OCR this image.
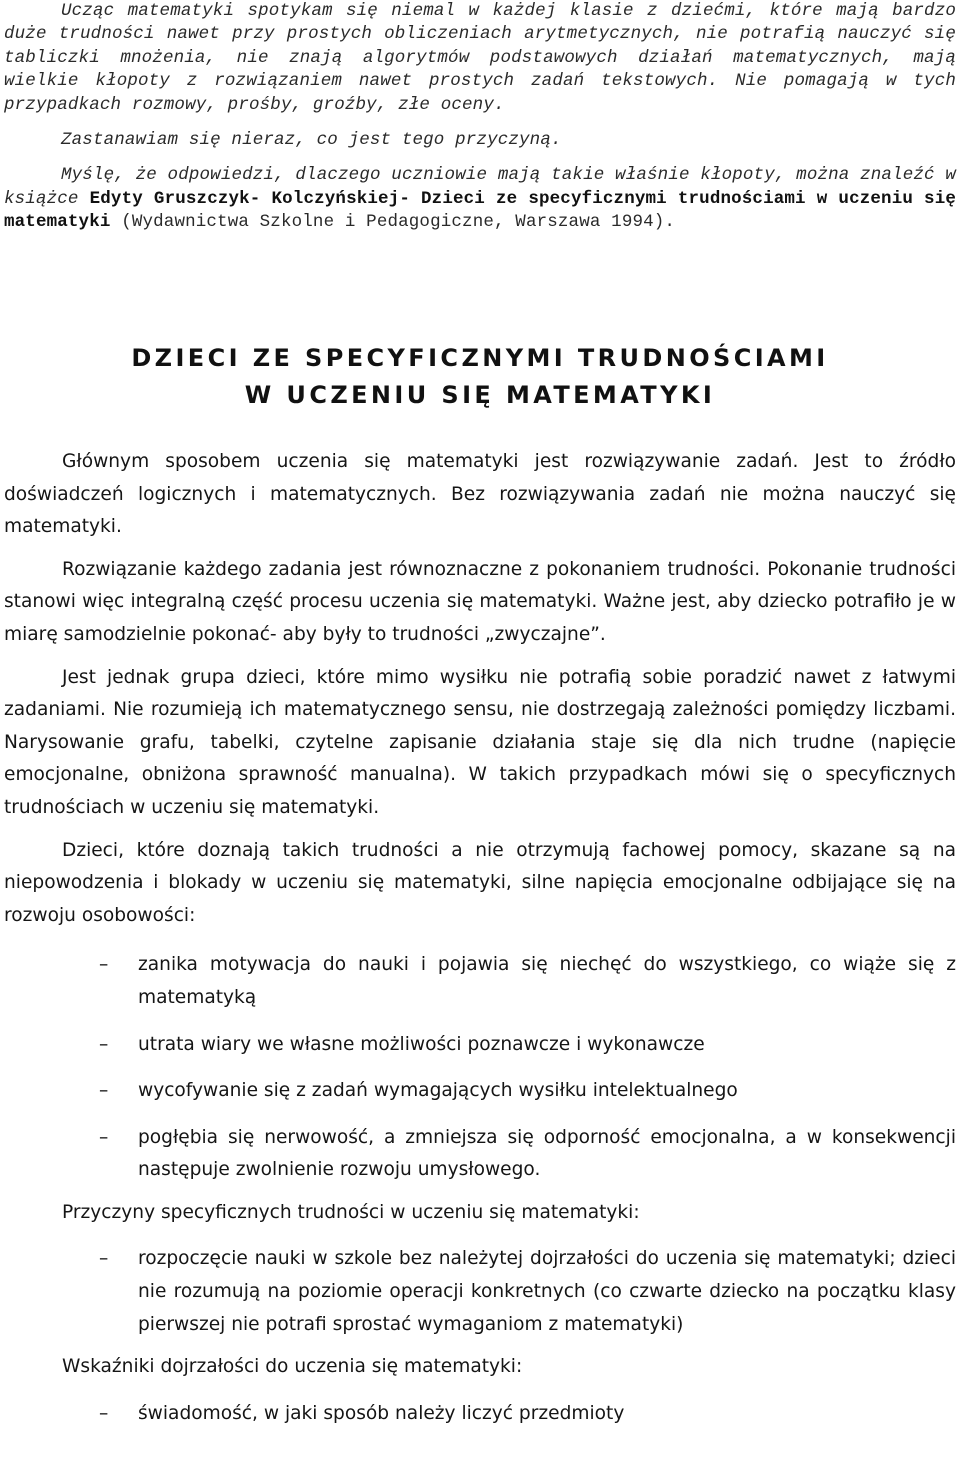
Ucząc matematyki spotykam się niemal w każdej klasie z dziećmi, które mają bardzo duże trudności nawet przy prostych obliczeniach arytmetycznych, nie potrafią nauczyć się tabliczki mnożenia, nie znają algorytmów podstawowych działań matematycznych, mają wielkie kłopoty z rozwiązaniem nawet prostych zadań tekstowych. Nie pomagają w tych przypadkach rozmowy, prośby, groźby, złe oceny.

Zastanawiam się nieraz, co jest tego przyczyną.

Myślę, że odpowiedzi, dlaczego uczniowie mają takie właśnie kłopoty, można znaleźć w książce Edyty Gruszczyk- Kolczyńskiej- Dzieci ze specyficznymi trudnościami w uczeniu się matematyki (Wydawnictwa Szkolne i Pedagogiczne, Warszawa 1994).

DZIECI ZE SPECYFICZNYMI TRUDNOŚCIAMI
W UCZENIU SIĘ MATEMATYKI

Głównym sposobem uczenia się matematyki jest rozwiązywanie zadań. Jest to źródło doświadczeń logicznych i matematycznych. Bez rozwiązywania zadań nie można nauczyć się matematyki.

Rozwiązanie każdego zadania jest równoznaczne z pokonaniem trudności. Pokonanie trudności stanowi więc integralną część procesu uczenia się matematyki. Ważne jest, aby dziecko potrafiło je w miarę samodzielnie pokonać- aby były to trudności „zwyczajne”.

Jest jednak grupa dzieci, które mimo wysiłku nie potrafią sobie poradzić nawet z łatwymi zadaniami. Nie rozumieją ich matematycznego sensu, nie dostrzegają zależności pomiędzy liczbami. Narysowanie grafu, tabelki, czytelne zapisanie działania staje się dla nich trudne (napięcie emocjonalne, obniżona sprawność manualna). W takich przypadkach mówi się o specyficznych trudnościach w uczeniu się matematyki.

Dzieci, które doznają takich trudności a nie otrzymują fachowej pomocy, skazane są na niepowodzenia i blokady w uczeniu się matematyki, silne napięcia emocjonalne odbijające się na rozwoju osobowości:

– zanika motywacja do nauki i pojawia się niechęć do wszystkiego, co wiąże się z matematyką
– utrata wiary we własne możliwości poznawcze i wykonawcze
– wycofywanie się z zadań wymagających wysiłku intelektualnego
– pogłębia się nerwowość, a zmniejsza się odporność emocjonalna, a w konsekwencji następuje zwolnienie rozwoju umysłowego.
Przyczyny specyficznych trudności w uczeniu się matematyki:
– rozpoczęcie nauki w szkole bez należytej dojrzałości do uczenia się matematyki; dzieci nie rozumują na poziomie operacji konkretnych (co czwarte dziecko na początku klasy pierwszej nie potrafi sprostać wymaganiom z matematyki)
Wskaźniki dojrzałości do uczenia się matematyki:
– świadomość, w jaki sposób należy liczyć przedmioty
